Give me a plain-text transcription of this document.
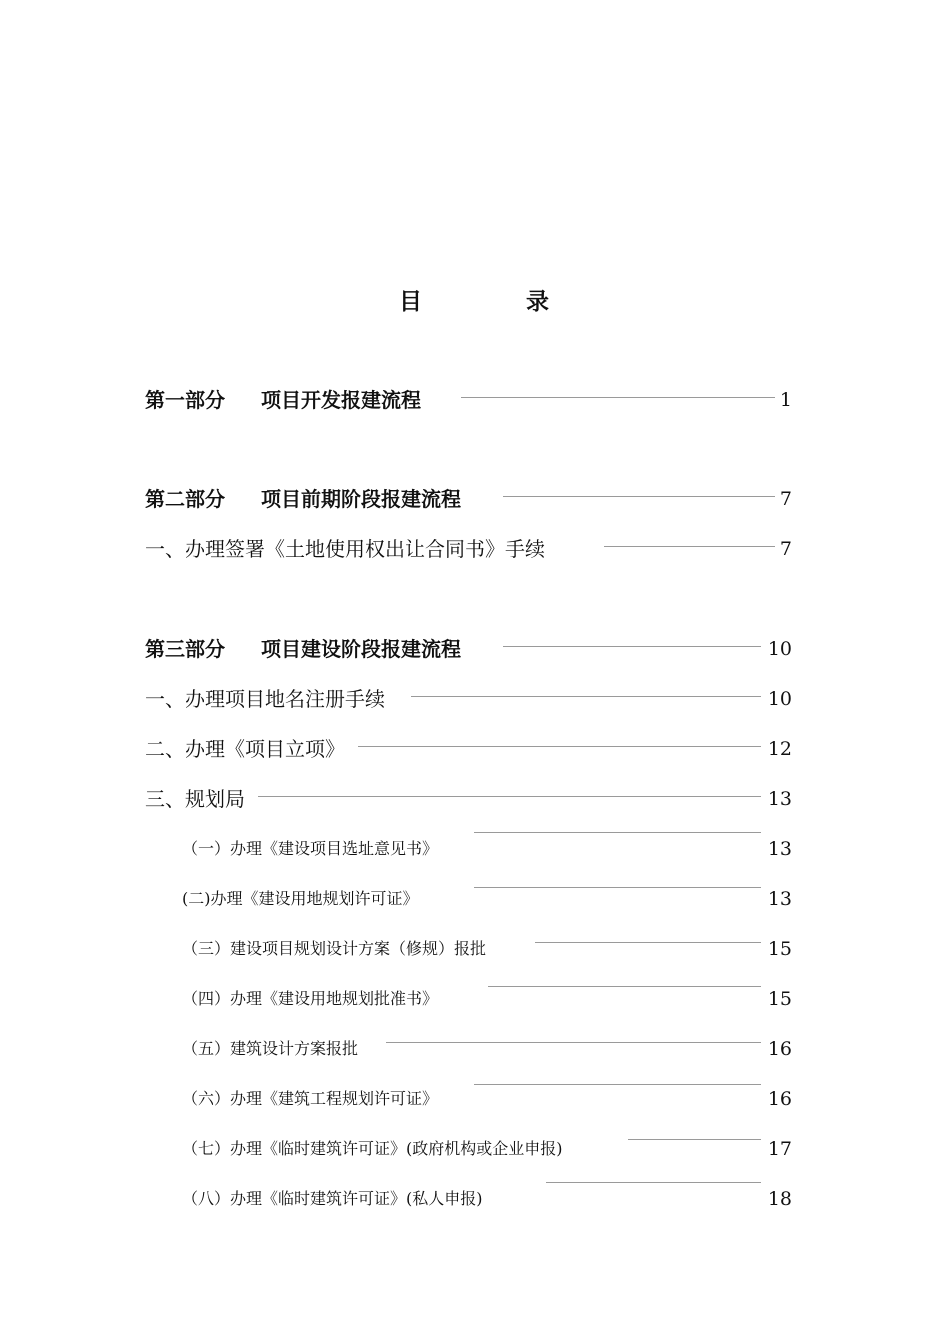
目	录
第一部分 项目开发报建流程	1
第二部分 项目前期阶段报建流程	7
一、办理签署《土地使用权出让合同书》手续	7
第三部分 项目建设阶段报建流程	10
一、办理项目地名注册手续	10
二、办理《项目立项》	12
三、规划局	13
（一）办理《建设项目选址意见书》	13
(二)办理《建设用地规划许可证》	13
（三）建设项目规划设计方案（修规）报批	15
（四）办理《建设用地规划批准书》	15
（五）建筑设计方案报批	16
（六）办理《建筑工程规划许可证》	16
（七）办理《临时建筑许可证》(政府机构或企业申报)	17
（八）办理《临时建筑许可证》(私人申报)	18
